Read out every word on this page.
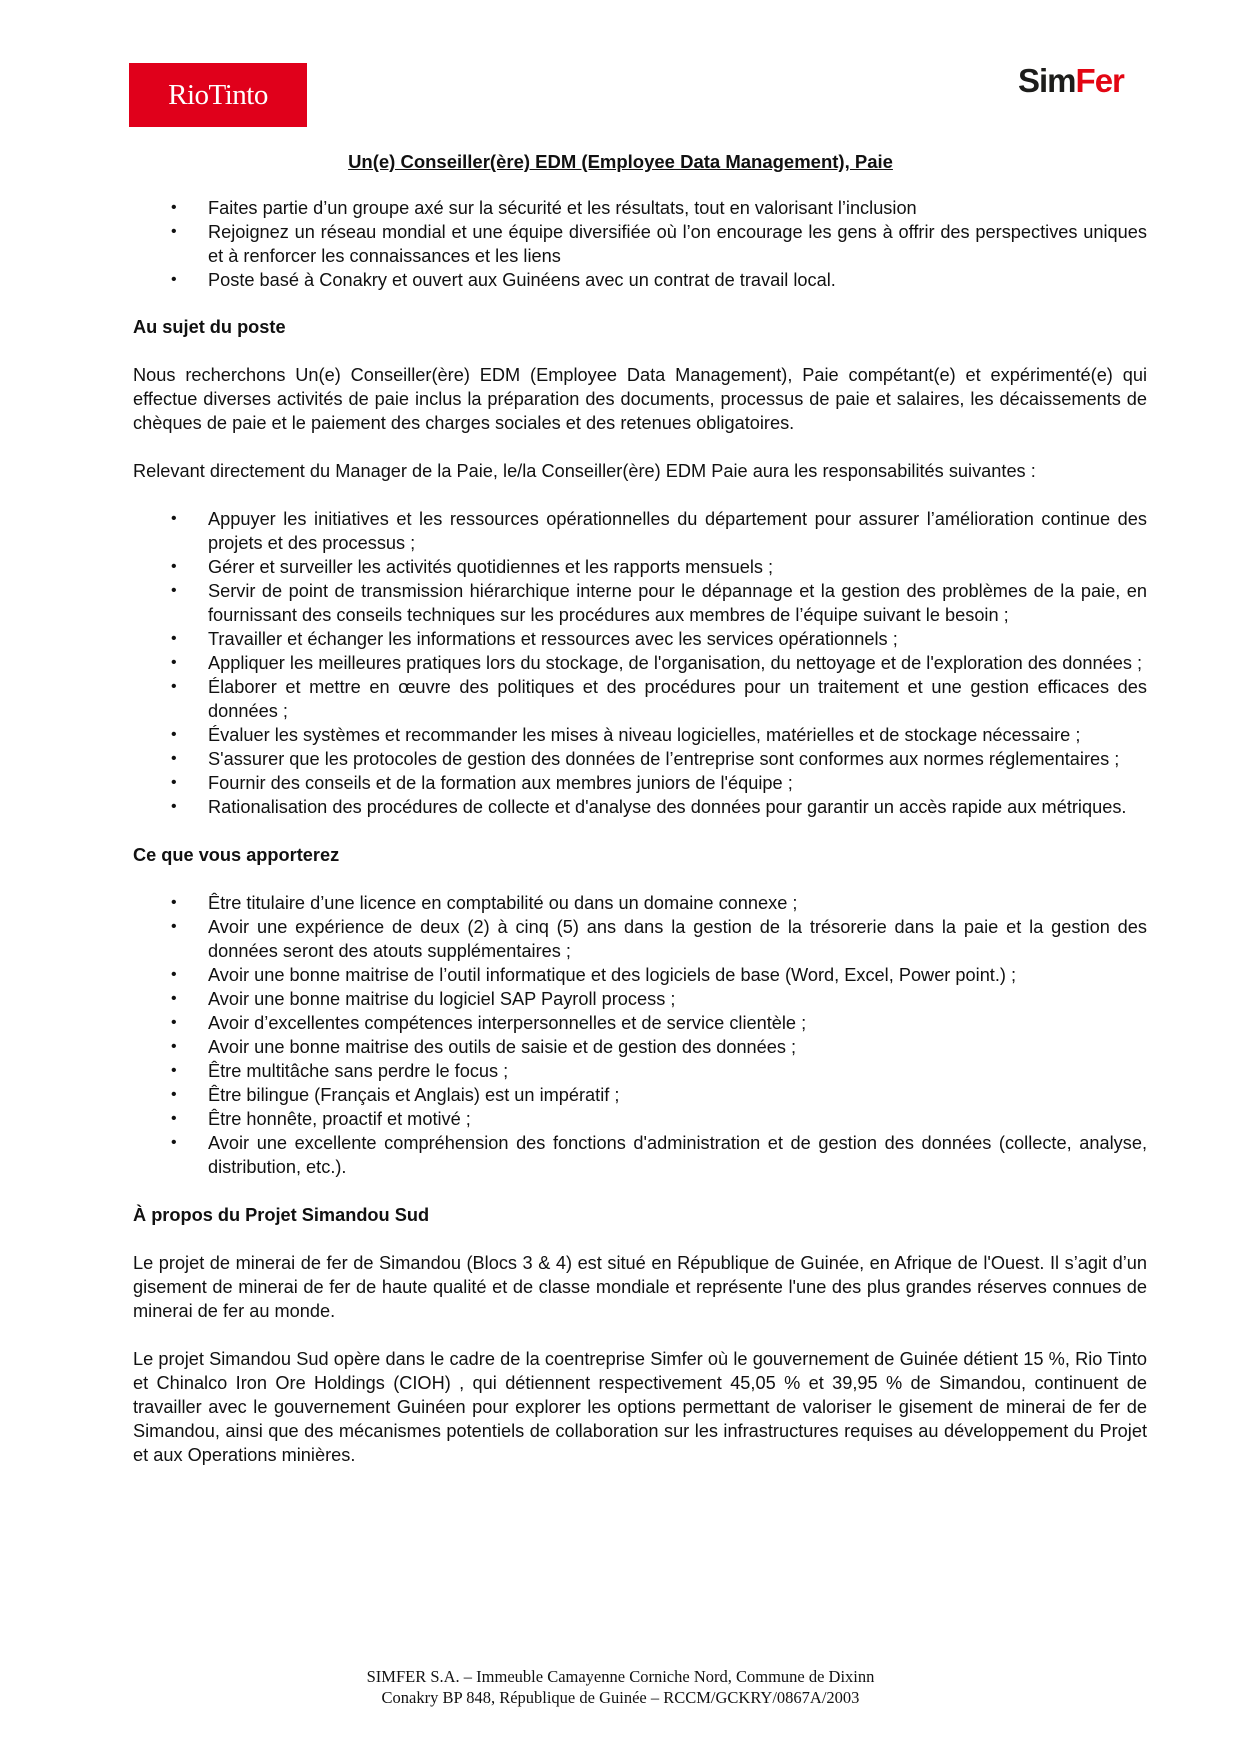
RioTinto	SimFer
Un(e) Conseiller(ère) EDM (Employee Data Management), Paie
• Faites partie d’un groupe axé sur la sécurité et les résultats, tout en valorisant l’inclusion
• Rejoignez un réseau mondial et une équipe diversifiée où l’on encourage les gens à offrir des perspectives uniques et à renforcer les connaissances et les liens
• Poste basé à Conakry et ouvert aux Guinéens avec un contrat de travail local.

Au sujet du poste

Nous recherchons Un(e) Conseiller(ère) EDM (Employee Data Management), Paie compétant(e) et expérimenté(e) qui effectue diverses activités de paie inclus la préparation des documents, processus de paie et salaires, les décaissements de chèques de paie et le paiement des charges sociales et des retenues obligatoires.

Relevant directement du Manager de la Paie, le/la Conseiller(ère) EDM Paie aura les responsabilités suivantes :

• Appuyer les initiatives et les ressources opérationnelles du département pour assurer l’amélioration continue des projets et des processus ;
• Gérer et surveiller les activités quotidiennes et les rapports mensuels ;
• Servir de point de transmission hiérarchique interne pour le dépannage et la gestion des problèmes de la paie, en fournissant des conseils techniques sur les procédures aux membres de l’équipe suivant le besoin ;
• Travailler et échanger les informations et ressources avec les services opérationnels ;
• Appliquer les meilleures pratiques lors du stockage, de l'organisation, du nettoyage et de l'exploration des données ;
• Élaborer et mettre en œuvre des politiques et des procédures pour un traitement et une gestion efficaces des données ;
• Évaluer les systèmes et recommander les mises à niveau logicielles, matérielles et de stockage nécessaire ;
• S'assurer que les protocoles de gestion des données de l’entreprise sont conformes aux normes réglementaires ;
• Fournir des conseils et de la formation aux membres juniors de l'équipe ;
• Rationalisation des procédures de collecte et d'analyse des données pour garantir un accès rapide aux métriques.

Ce que vous apporterez

• Être titulaire d’une licence en comptabilité ou dans un domaine connexe ;
• Avoir une expérience de deux (2) à cinq (5) ans dans la gestion de la trésorerie dans la paie et la gestion des données seront des atouts supplémentaires ;
• Avoir une bonne maitrise de l’outil informatique et des logiciels de base (Word, Excel, Power point.) ;
• Avoir une bonne maitrise du logiciel SAP Payroll process ;
• Avoir d’excellentes compétences interpersonnelles et de service clientèle ;
• Avoir une bonne maitrise des outils de saisie et de gestion des données ;
• Être multitâche sans perdre le focus ;
• Être bilingue (Français et Anglais) est un impératif ;
• Être honnête, proactif et motivé ;
• Avoir une excellente compréhension des fonctions d'administration et de gestion des données (collecte, analyse, distribution, etc.).

À propos du Projet Simandou Sud

Le projet de minerai de fer de Simandou (Blocs 3 & 4) est situé en République de Guinée, en Afrique de l'Ouest. Il s’agit d’un gisement de minerai de fer de haute qualité et de classe mondiale et représente l'une des plus grandes réserves connues de minerai de fer au monde.

Le projet Simandou Sud opère dans le cadre de la coentreprise Simfer où le gouvernement de Guinée détient 15 %, Rio Tinto et Chinalco Iron Ore Holdings (CIOH) , qui détiennent respectivement 45,05 % et 39,95 % de Simandou, continuent de travailler avec le gouvernement Guinéen pour explorer les options permettant de valoriser le gisement de minerai de fer de Simandou, ainsi que des mécanismes potentiels de collaboration sur les infrastructures requises au développement du Projet et aux Operations minières.

SIMFER S.A. – Immeuble Camayenne Corniche Nord, Commune de Dixinn
Conakry BP 848, République de Guinée – RCCM/GCKRY/0867A/2003
